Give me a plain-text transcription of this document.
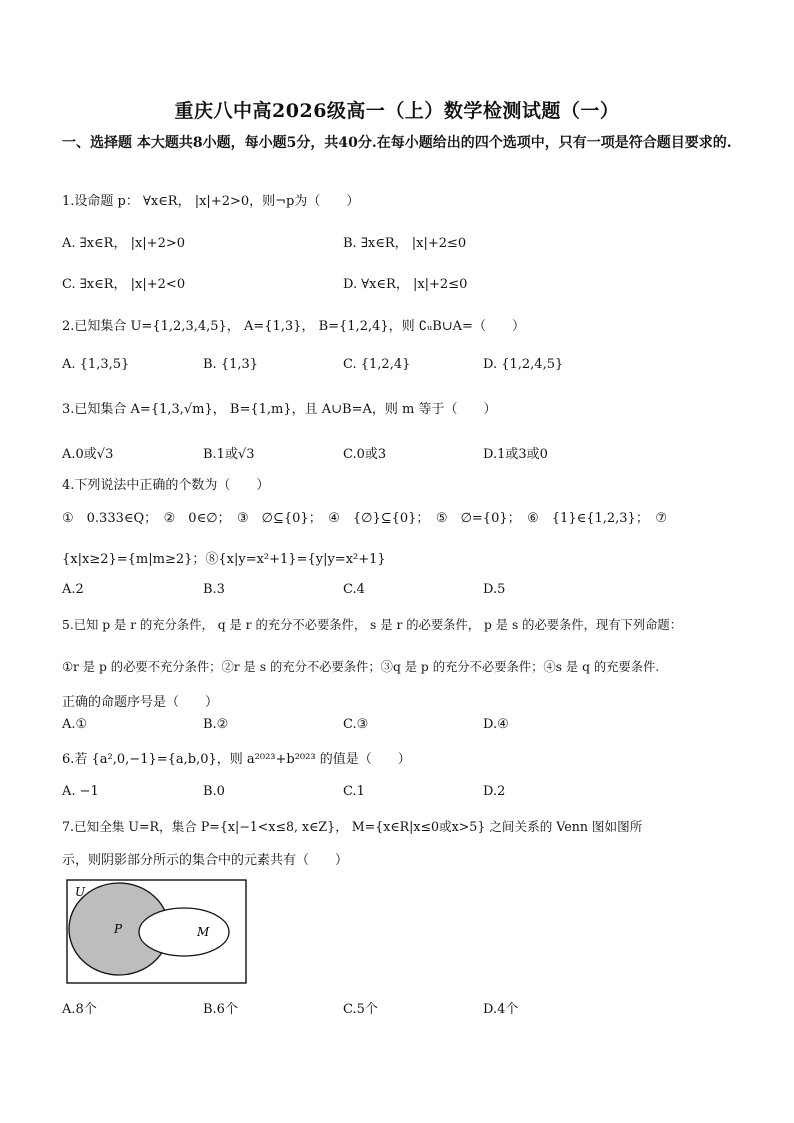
重庆八中高2026级高一（上）数学检测试题（一）
一、选择题 本大题共8小题，每小题5分，共40分.在每小题给出的四个选项中，只有一项是符合题目要求的.
1.设命题 p： ∀x∈R， |x|+2>0，则¬p为（　　）
A. ∃x∈R， |x|+2>0	B. ∃x∈R， |x|+2≤0
C. ∃x∈R， |x|+2<0	D. ∀x∈R， |x|+2≤0
2.已知集合 U={1,2,3,4,5}， A={1,3}， B={1,2,4}，则 ∁ᵤB∪A=（　　）
A. {1,3,5}	B. {1,3}	C. {1,2,4}	D. {1,2,4,5}
3.已知集合 A={1,3,√m}， B={1,m}，且 A∪B=A，则 m 等于（　　）
A.0或√3	B.1或√3	C.0或3	D.1或3或0
4.下列说法中正确的个数为（　　）
①　0.333∈Q；　②　0∈∅；　③　∅⊆{0}；　④　{∅}⊆{0}；　⑤　∅={0}；　⑥　{1}∈{1,2,3}；　⑦
{x|x≥2}={m|m≥2}；⑧{x|y=x²+1}={y|y=x²+1}
A.2	B.3	C.4	D.5
5.已知 p 是 r 的充分条件， q 是 r 的充分不必要条件， s 是 r 的必要条件， p 是 s 的必要条件，现有下列命题：
①r 是 p 的必要不充分条件；②r 是 s 的充分不必要条件；③q 是 p 的充分不必要条件；④s 是 q 的充要条件.
正确的命题序号是（　　）
A.①	B.②	C.③	D.④
6.若 {a²,0,−1}={a,b,0}，则 a²⁰²³+b²⁰²³ 的值是（　　）
A. −1	B.0	C.1	D.2
7.已知全集 U=R，集合 P={x|−1<x≤8, x∈Z}， M={x∈R|x≤0或x>5} 之间关系的 Venn 图如图所
示，则阴影部分所示的集合中的元素共有（　　）
U
P	M
A.8个	B.6个	C.5个	D.4个
